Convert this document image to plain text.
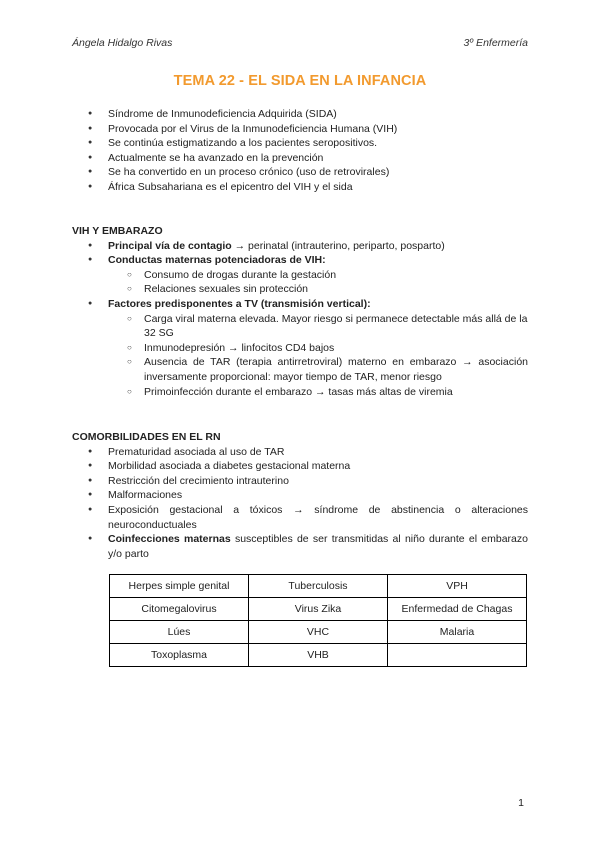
Ángela Hidalgo Rivas	3º Enfermería
TEMA 22 - EL SIDA EN LA INFANCIA
● Síndrome de Inmunodeficiencia Adquirida (SIDA)
● Provocada por el Virus de la Inmunodeficiencia Humana (VIH)
● Se continúa estigmatizando a los pacientes seropositivos.
● Actualmente se ha avanzado en la prevención
● Se ha convertido en un proceso crónico (uso de retrovirales)
● África Subsahariana es el epicentro del VIH y el sida
VIH Y EMBARAZO
● Principal vía de contagio → perinatal (intrauterino, periparto, posparto)
● Conductas maternas potenciadoras de VIH:
○ Consumo de drogas durante la gestación
○ Relaciones sexuales sin protección
● Factores predisponentes a TV (transmisión vertical):
○ Carga viral materna elevada. Mayor riesgo si permanece detectable más allá de la 32 SG
○ Inmunodepresión → linfocitos CD4 bajos
○ Ausencia de TAR (terapia antirretroviral) materno en embarazo → asociación inversamente proporcional: mayor tiempo de TAR, menor riesgo
○ Primoinfección durante el embarazo → tasas más altas de viremia
COMORBILIDADES EN EL RN
● Prematuridad asociada al uso de TAR
● Morbilidad asociada a diabetes gestacional materna
● Restricción del crecimiento intrauterino
● Malformaciones
● Exposición gestacional a tóxicos → síndrome de abstinencia o alteraciones neuroconductuales
● Coinfecciones maternas susceptibles de ser transmitidas al niño durante el embarazo y/o parto
Herpes simple genital	Tuberculosis	VPH
Citomegalovirus	Virus Zika	Enfermedad de Chagas
Lúes	VHC	Malaria
Toxoplasma	VHB	
1
